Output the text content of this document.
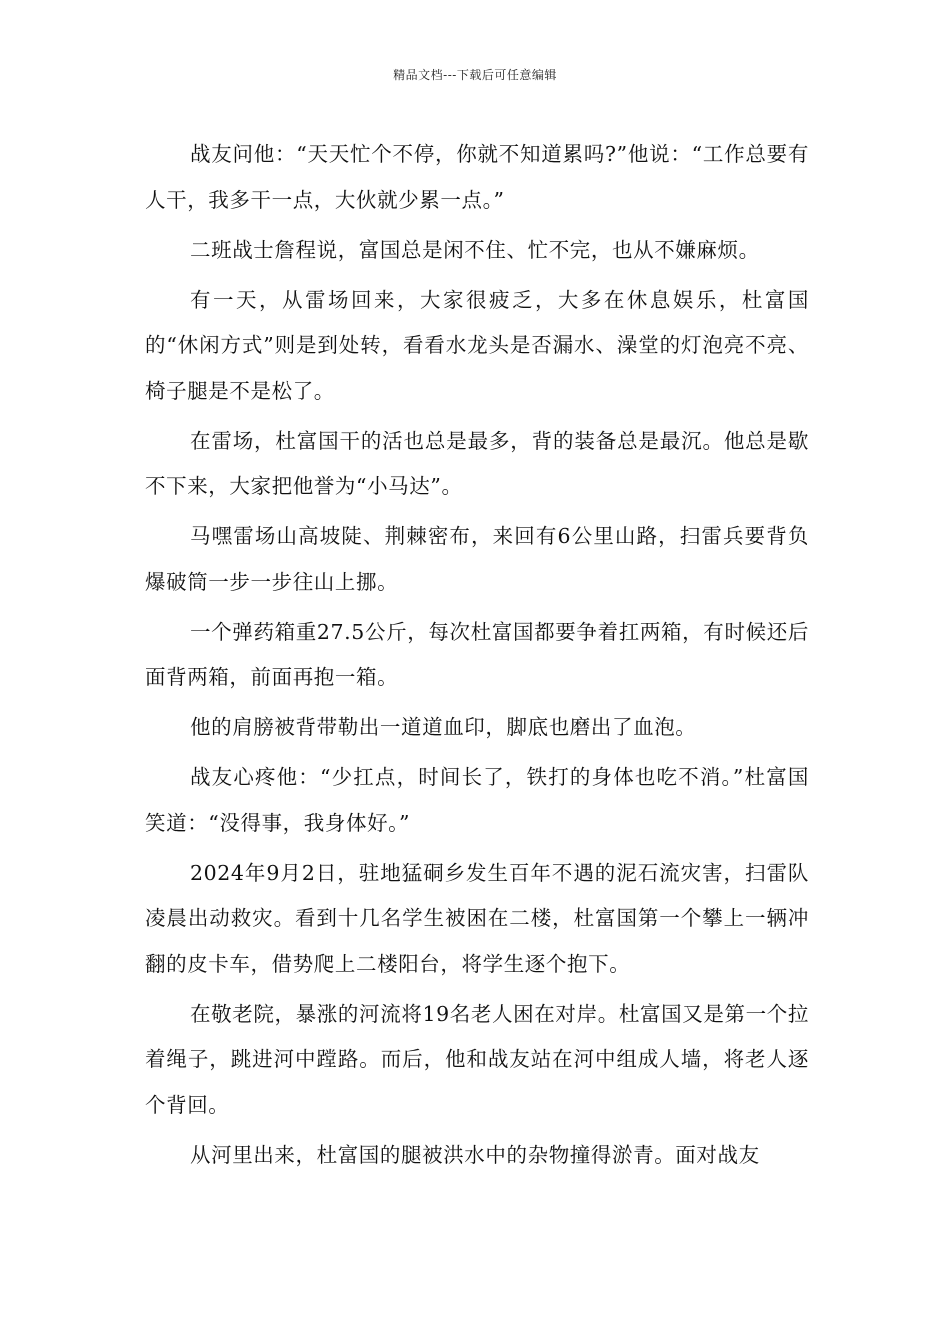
精品文档---下载后可任意编辑

战友问他：“天天忙个不停，你就不知道累吗?”他说：“工作总要有人干，我多干一点，大伙就少累一点。”

二班战士詹程说，富国总是闲不住、忙不完，也从不嫌麻烦。

有一天，从雷场回来，大家很疲乏，大多在休息娱乐，杜富国的“休闲方式”则是到处转，看看水龙头是否漏水、澡堂的灯泡亮不亮、椅子腿是不是松了。

在雷场，杜富国干的活也总是最多，背的装备总是最沉。他总是歇不下来，大家把他誉为“小马达”。

马嘿雷场山高坡陡、荆棘密布，来回有6公里山路，扫雷兵要背负爆破筒一步一步往山上挪。

一个弹药箱重27.5公斤，每次杜富国都要争着扛两箱，有时候还后面背两箱，前面再抱一箱。

他的肩膀被背带勒出一道道血印，脚底也磨出了血泡。

战友心疼他：“少扛点，时间长了，铁打的身体也吃不消。”杜富国笑道：“没得事，我身体好。”

2024年9月2日，驻地猛硐乡发生百年不遇的泥石流灾害，扫雷队凌晨出动救灾。看到十几名学生被困在二楼，杜富国第一个攀上一辆冲翻的皮卡车，借势爬上二楼阳台，将学生逐个抱下。

在敬老院，暴涨的河流将19名老人困在对岸。杜富国又是第一个拉着绳子，跳进河中蹚路。而后，他和战友站在河中组成人墙，将老人逐个背回。

从河里出来，杜富国的腿被洪水中的杂物撞得淤青。面对战友
